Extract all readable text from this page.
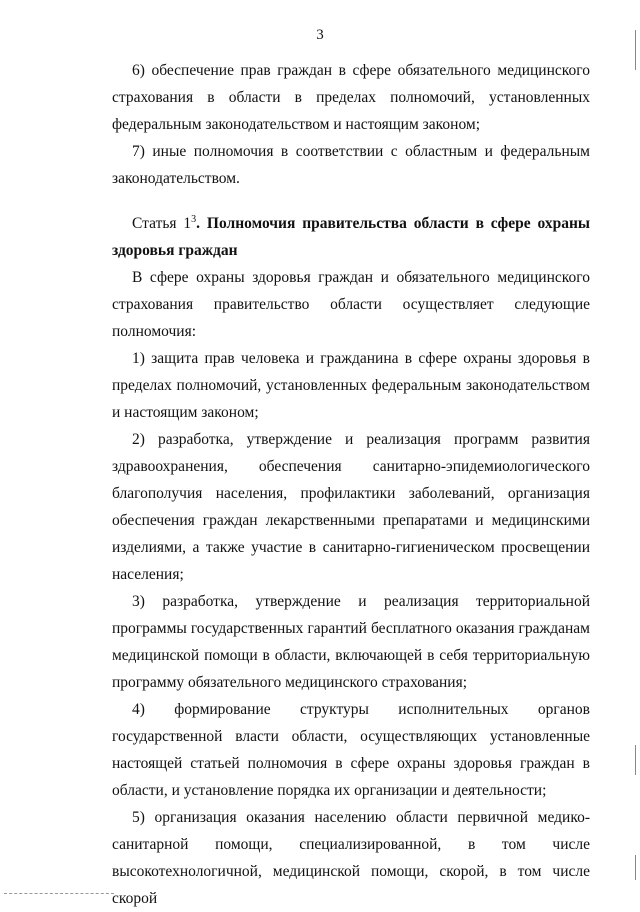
3

6) обеспечение прав граждан в сфере обязательного медицинского страхования в области в пределах полномочий, установленных федеральным законодательством и настоящим законом;

7) иные полномочия в соответствии с областным и федеральным законодательством.

Статья $1^3$. Полномочия правительства области в сфере охраны здоровья граждан

В сфере охраны здоровья граждан и обязательного медицинского страхования правительство области осуществляет следующие полномочия:

1) защита прав человека и гражданина в сфере охраны здоровья в пределах полномочий, установленных федеральным законодательством и настоящим законом;

2) разработка, утверждение и реализация программ развития здравоохранения, обеспечения санитарно-эпидемиологического благополучия населения, профилактики заболеваний, организация обеспечения граждан лекарственными препаратами и медицинскими изделиями, а также участие в санитарно-гигиеническом просвещении населения;

3) разработка, утверждение и реализация территориальной программы государственных гарантий бесплатного оказания гражданам медицинской помощи в области, включающей в себя территориальную программу обязательного медицинского страхования;

4) формирование структуры исполнительных органов государственной власти области, осуществляющих установленные настоящей статьей полномочия в сфере охраны здоровья граждан в области, и установление порядка их организации и деятельности;

5) организация оказания населению области первичной медико-санитарной помощи, специализированной, в том числе высокотехнологичной, медицинской помощи, скорой, в том числе скорой
